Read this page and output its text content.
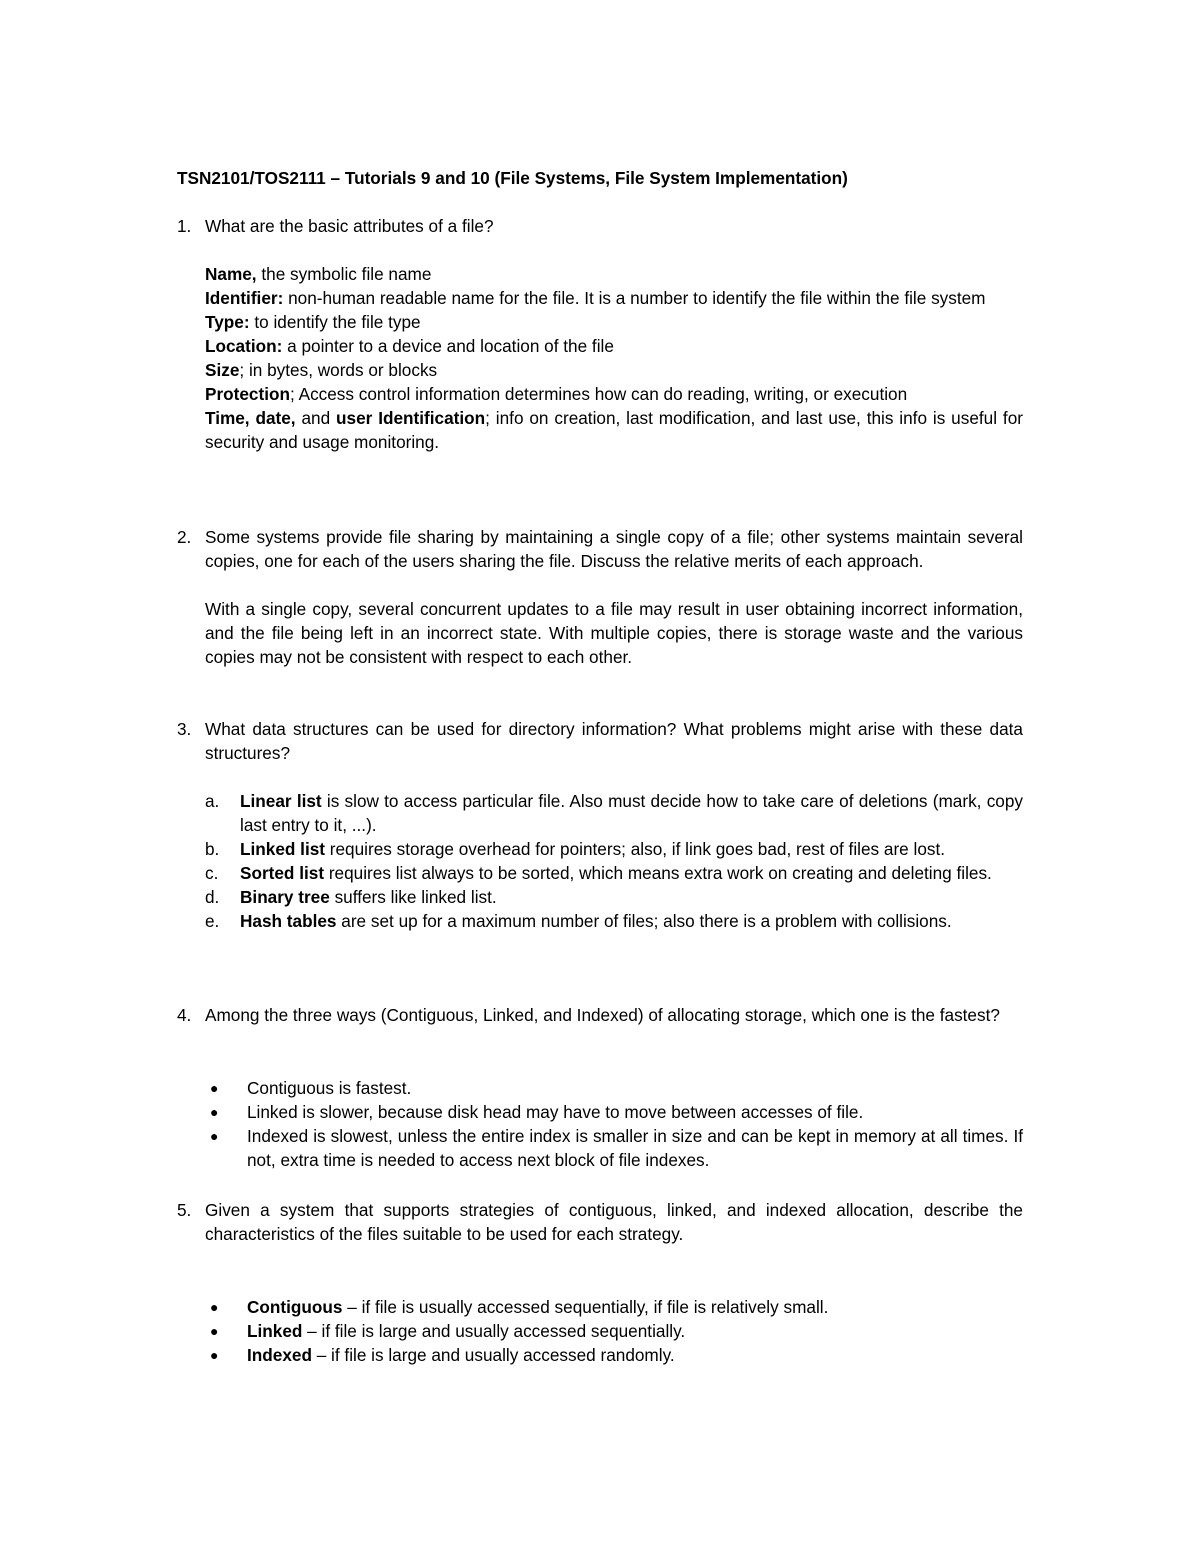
TSN2101/TOS2111 – Tutorials 9 and 10 (File Systems, File System Implementation)
1. What are the basic attributes of a file?

Name, the symbolic file name

Identifier: non-human readable name for the file. It is a number to identify the file within the file system

Type: to identify the file type

Location: a pointer to a device and location of the file

Size; in bytes, words or blocks

Protection; Access control information determines how can do reading, writing, or execution

Time, date, and user Identification; info on creation, last modification, and last use, this info is useful for security and usage monitoring.

2. Some systems provide file sharing by maintaining a single copy of a file; other systems maintain several copies, one for each of the users sharing the file. Discuss the relative merits of each approach.

With a single copy, several concurrent updates to a file may result in user obtaining incorrect information, and the file being left in an incorrect state. With multiple copies, there is storage waste and the various copies may not be consistent with respect to each other.

3. What data structures can be used for directory information? What problems might arise with these data structures?
a.	Linear list is slow to access particular file. Also must decide how to take care of deletions (mark, copy last entry to it, ...).
b.	Linked list requires storage overhead for pointers; also, if link goes bad, rest of files are lost.
c.	Sorted list requires list always to be sorted, which means extra work on creating and deleting files.
d.	Binary tree suffers like linked list.
e.	Hash tables are set up for a maximum number of files; also there is a problem with collisions.
4. Among the three ways (Contiguous, Linked, and Indexed) of allocating storage, which one is the fastest?
●	Contiguous is fastest.
●	Linked is slower, because disk head may have to move between accesses of file.
●	Indexed is slowest, unless the entire index is smaller in size and can be kept in memory at all times. If not, extra time is needed to access next block of file indexes.
5. Given a system that supports strategies of contiguous, linked, and indexed allocation, describe the characteristics of the files suitable to be used for each strategy.
●	Contiguous – if file is usually accessed sequentially, if file is relatively small.
●	Linked – if file is large and usually accessed sequentially.
●	Indexed – if file is large and usually accessed randomly.
